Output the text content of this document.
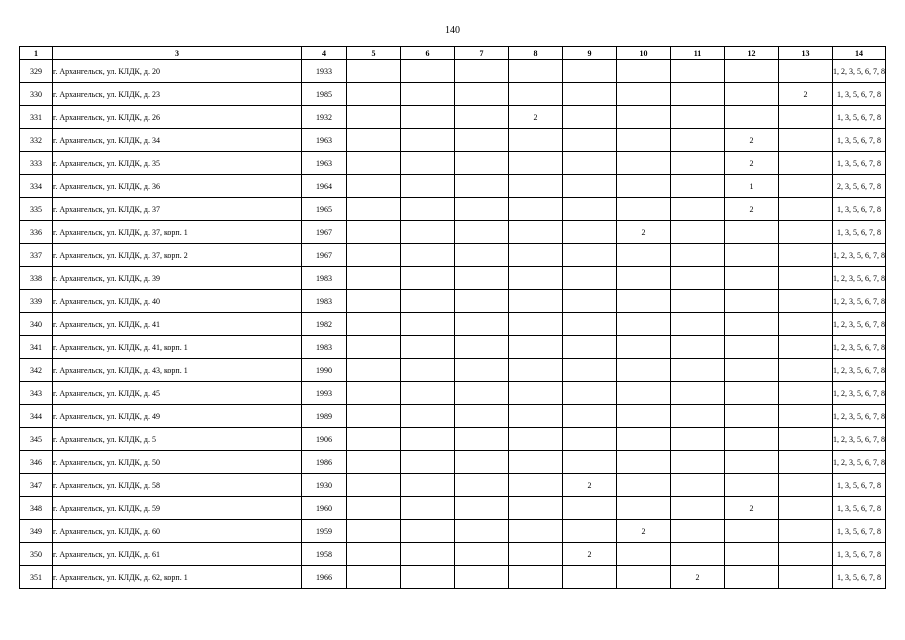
140
1	3	4	5	6	7	8	9	10	11	12	13	14
329	г. Архангельск, ул. КЛДК, д. 20	1933										1, 2, 3, 5, 6, 7, 8
330	г. Архангельск, ул. КЛДК, д. 23	1985									2	1, 3, 5, 6, 7, 8
331	г. Архангельск, ул. КЛДК, д. 26	1932				2						1, 3, 5, 6, 7, 8
332	г. Архангельск, ул. КЛДК, д. 34	1963								2		1, 3, 5, 6, 7, 8
333	г. Архангельск, ул. КЛДК, д. 35	1963								2		1, 3, 5, 6, 7, 8
334	г. Архангельск, ул. КЛДК, д. 36	1964								1		2, 3, 5, 6, 7, 8
335	г. Архангельск, ул. КЛДК, д. 37	1965								2		1, 3, 5, 6, 7, 8
336	г. Архангельск, ул. КЛДК, д. 37, корп. 1	1967						2				1, 3, 5, 6, 7, 8
337	г. Архангельск, ул. КЛДК, д. 37, корп. 2	1967										1, 2, 3, 5, 6, 7, 8
338	г. Архангельск, ул. КЛДК, д. 39	1983										1, 2, 3, 5, 6, 7, 8
339	г. Архангельск, ул. КЛДК, д. 40	1983										1, 2, 3, 5, 6, 7, 8
340	г. Архангельск, ул. КЛДК, д. 41	1982										1, 2, 3, 5, 6, 7, 8
341	г. Архангельск, ул. КЛДК, д. 41, корп. 1	1983										1, 2, 3, 5, 6, 7, 8
342	г. Архангельск, ул. КЛДК, д. 43, корп. 1	1990										1, 2, 3, 5, 6, 7, 8
343	г. Архангельск, ул. КЛДК, д. 45	1993										1, 2, 3, 5, 6, 7, 8
344	г. Архангельск, ул. КЛДК, д. 49	1989										1, 2, 3, 5, 6, 7, 8
345	г. Архангельск, ул. КЛДК, д. 5	1906										1, 2, 3, 5, 6, 7, 8
346	г. Архангельск, ул. КЛДК, д. 50	1986										1, 2, 3, 5, 6, 7, 8
347	г. Архангельск, ул. КЛДК, д. 58	1930					2					1, 3, 5, 6, 7, 8
348	г. Архангельск, ул. КЛДК, д. 59	1960								2		1, 3, 5, 6, 7, 8
349	г. Архангельск, ул. КЛДК, д. 60	1959						2				1, 3, 5, 6, 7, 8
350	г. Архангельск, ул. КЛДК, д. 61	1958					2					1, 3, 5, 6, 7, 8
351	г. Архангельск, ул. КЛДК, д. 62, корп. 1	1966							2			1, 3, 5, 6, 7, 8
